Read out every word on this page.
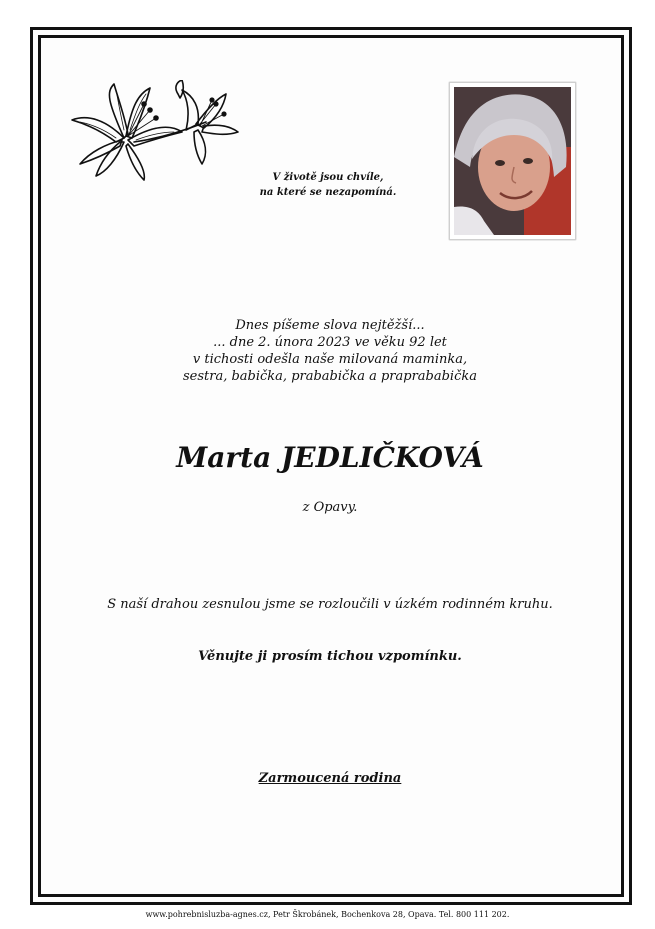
V životě jsou chvíle,
na které se nezapomíná.
Dnes píšeme slova nejtěžší...
... dne 2. února 2023 ve věku 92 let
v tichosti odešla naše milovaná maminka,
sestra, babička, prababička a praprababička
Marta JEDLIČKOVÁ
z Opavy.
S naší drahou zesnulou jsme se rozloučili v úzkém rodinném kruhu.
Věnujte ji prosím tichou vzpomínku.
Zarmoucená rodina
www.pohrebnisluzba-agnes.cz, Petr Škrobánek, Bochenkova 28, Opava. Tel. 800 111 202.
